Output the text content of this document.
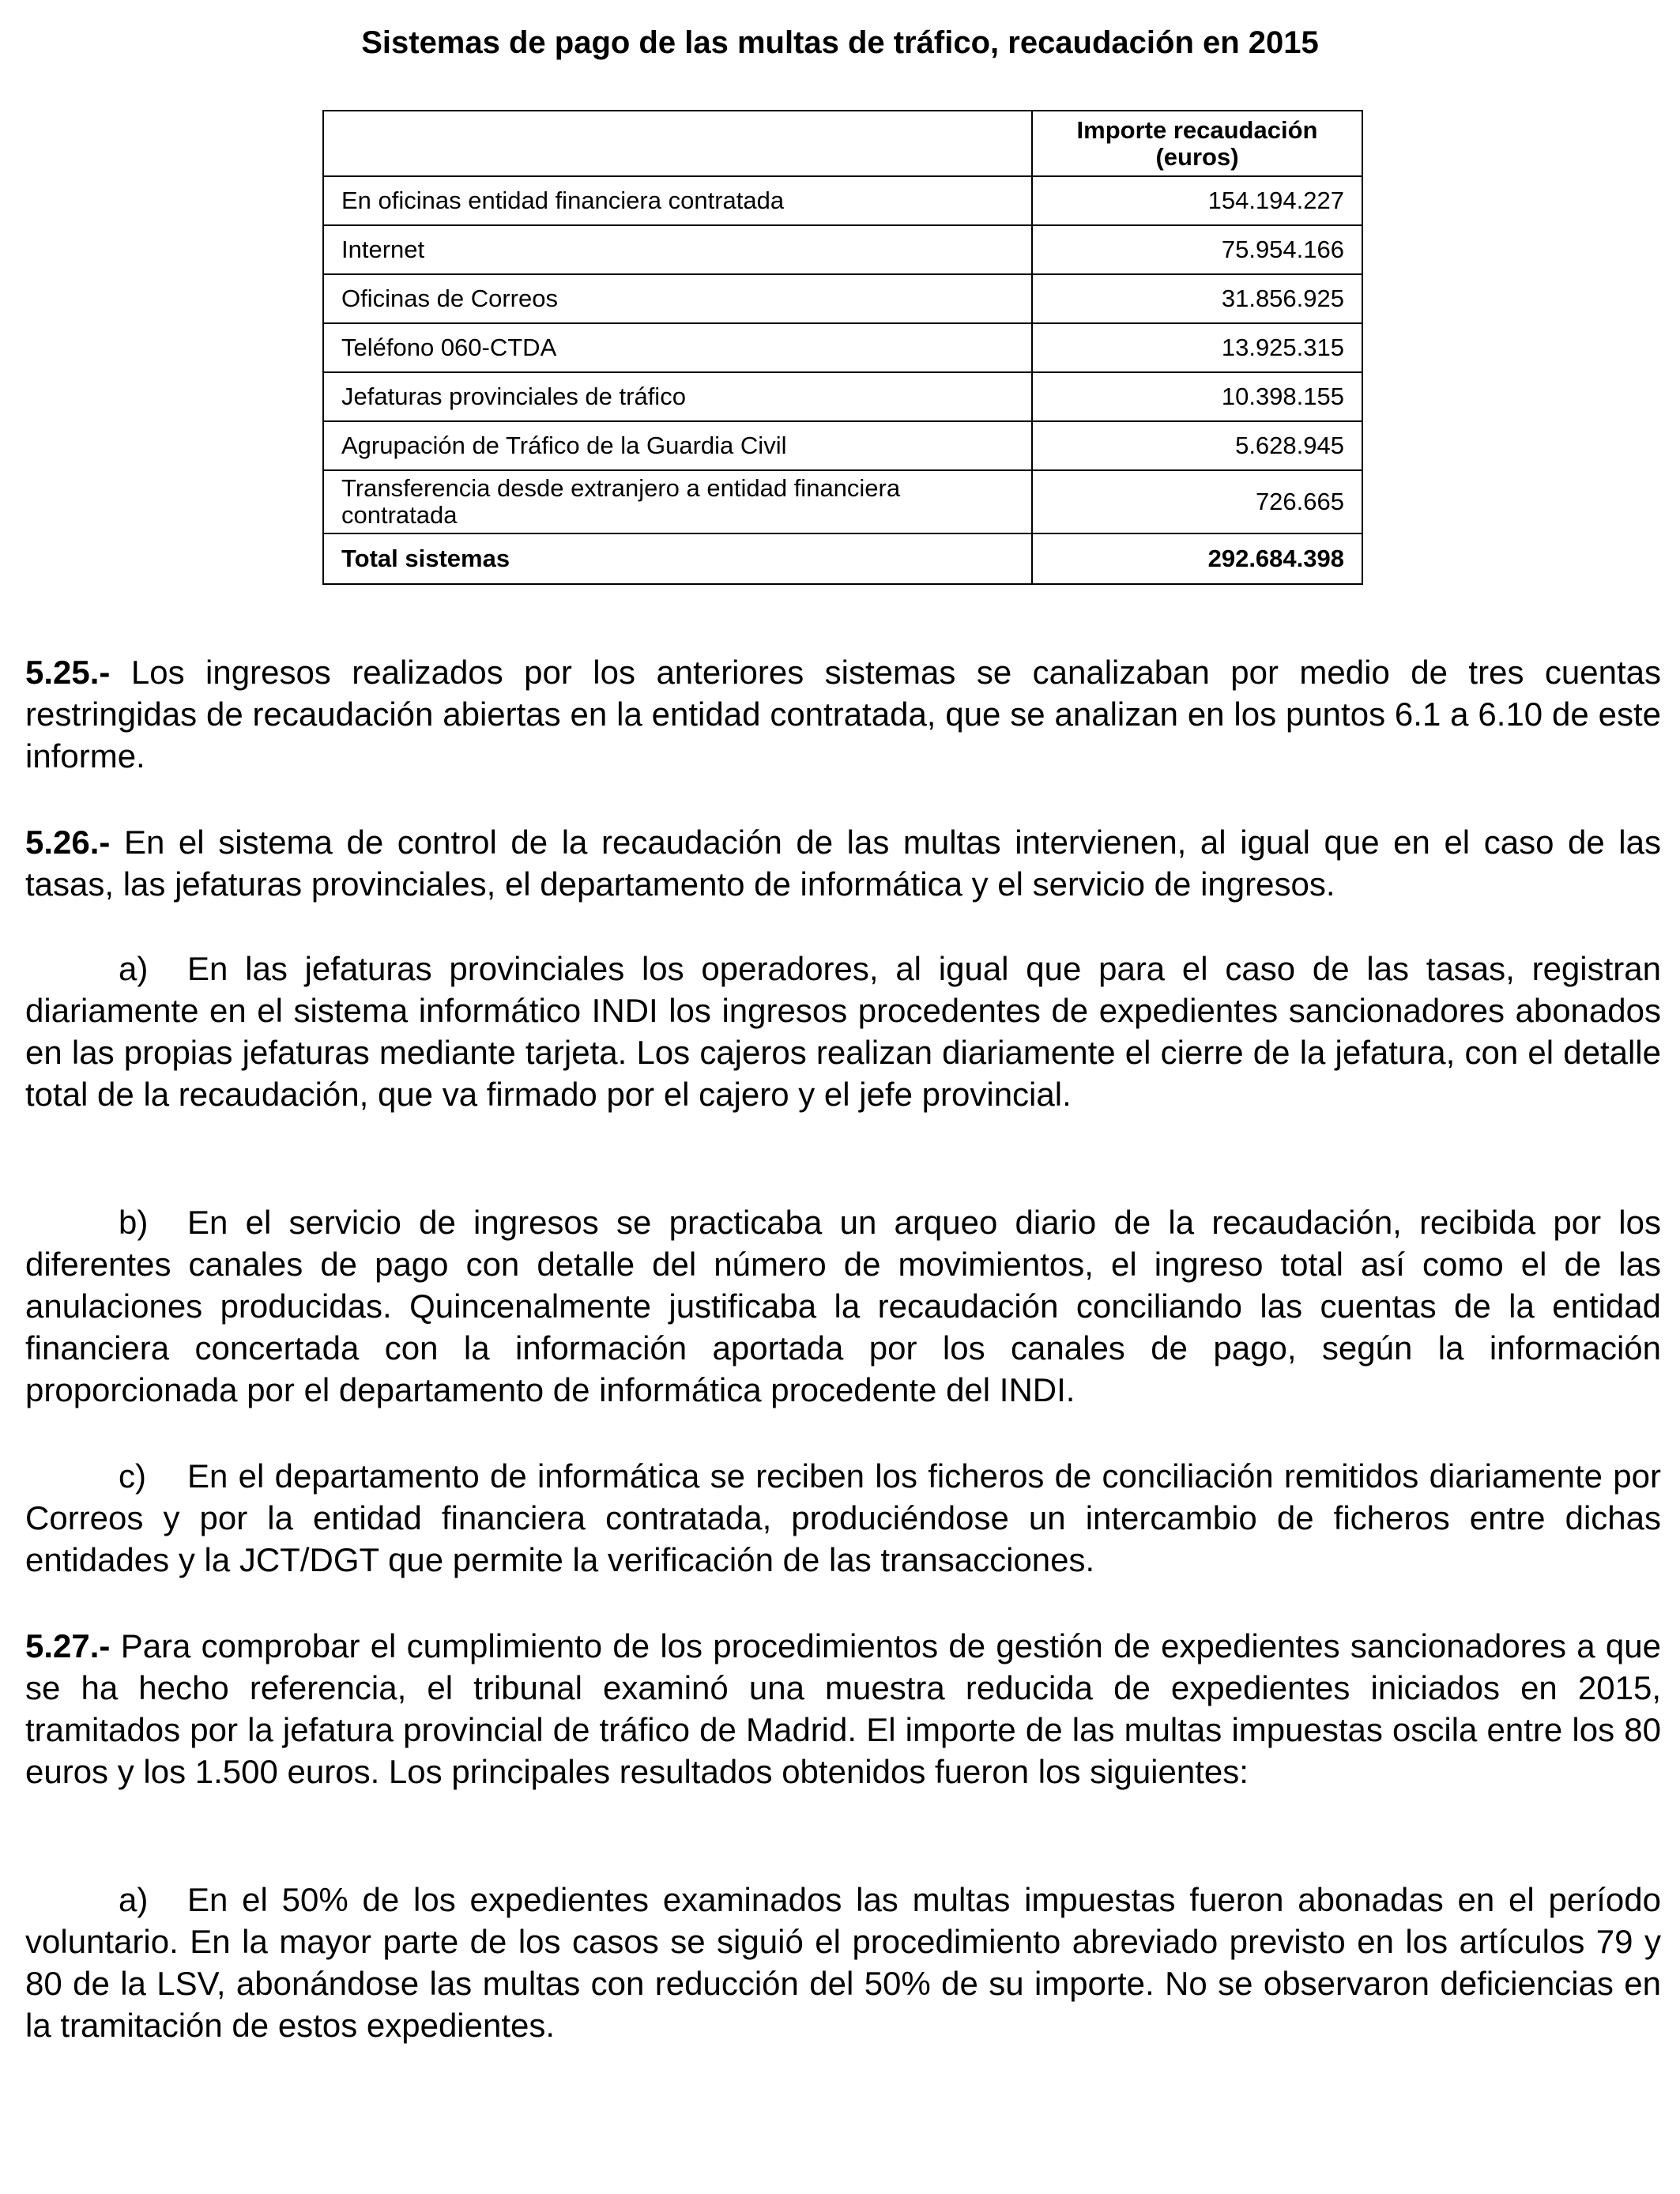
Sistemas de pago de las multas de tráfico, recaudación en 2015

	Importe recaudación
(euros)

En oficinas entidad financiera contratada	154.194.227
Internet	75.954.166
Oficinas de Correos	31.856.925
Teléfono 060-CTDA	13.925.315
Jefaturas provinciales de tráfico	10.398.155
Agrupación de Tráfico de la Guardia Civil	5.628.945
Transferencia desde extranjero a entidad financiera contratada	726.665
Total sistemas	292.684.398
5.25.- Los ingresos realizados por los anteriores sistemas se canalizaban por medio de tres cuentas restringidas de recaudación abiertas en la entidad contratada, que se analizan en los puntos 6.1 a 6.10 de este informe.
5.26.- En el sistema de control de la recaudación de las multas intervienen, al igual que en el caso de las tasas, las jefaturas provinciales, el departamento de informática y el servicio de ingresos.
a) En las jefaturas provinciales los operadores, al igual que para el caso de las tasas, registran diariamente en el sistema informático INDI los ingresos procedentes de expedientes sancionadores abonados en las propias jefaturas mediante tarjeta. Los cajeros realizan diariamente el cierre de la jefatura, con el detalle total de la recaudación, que va firmado por el cajero y el jefe provincial.
b) En el servicio de ingresos se practicaba un arqueo diario de la recaudación, recibida por los diferentes canales de pago con detalle del número de movimientos, el ingreso total así como el de las anulaciones producidas. Quincenalmente justificaba la recaudación conciliando las cuentas de la entidad financiera concertada con la información aportada por los canales de pago, según la información proporcionada por el departamento de informática procedente del INDI.
c) En el departamento de informática se reciben los ficheros de conciliación remitidos diariamente por Correos y por la entidad financiera contratada, produciéndose un intercambio de ficheros entre dichas entidades y la JCT/DGT que permite la verificación de las transacciones.
5.27.- Para comprobar el cumplimiento de los procedimientos de gestión de expedientes sancionadores a que se ha hecho referencia, el tribunal examinó una muestra reducida de expedientes iniciados en 2015, tramitados por la jefatura provincial de tráfico de Madrid. El importe de las multas impuestas oscila entre los 80 euros y los 1.500 euros. Los principales resultados obtenidos fueron los siguientes:
a) En el 50% de los expedientes examinados las multas impuestas fueron abonadas en el período voluntario. En la mayor parte de los casos se siguió el procedimiento abreviado previsto en los artículos 79 y 80 de la LSV, abonándose las multas con reducción del 50% de su importe. No se observaron deficiencias en la tramitación de estos expedientes.
